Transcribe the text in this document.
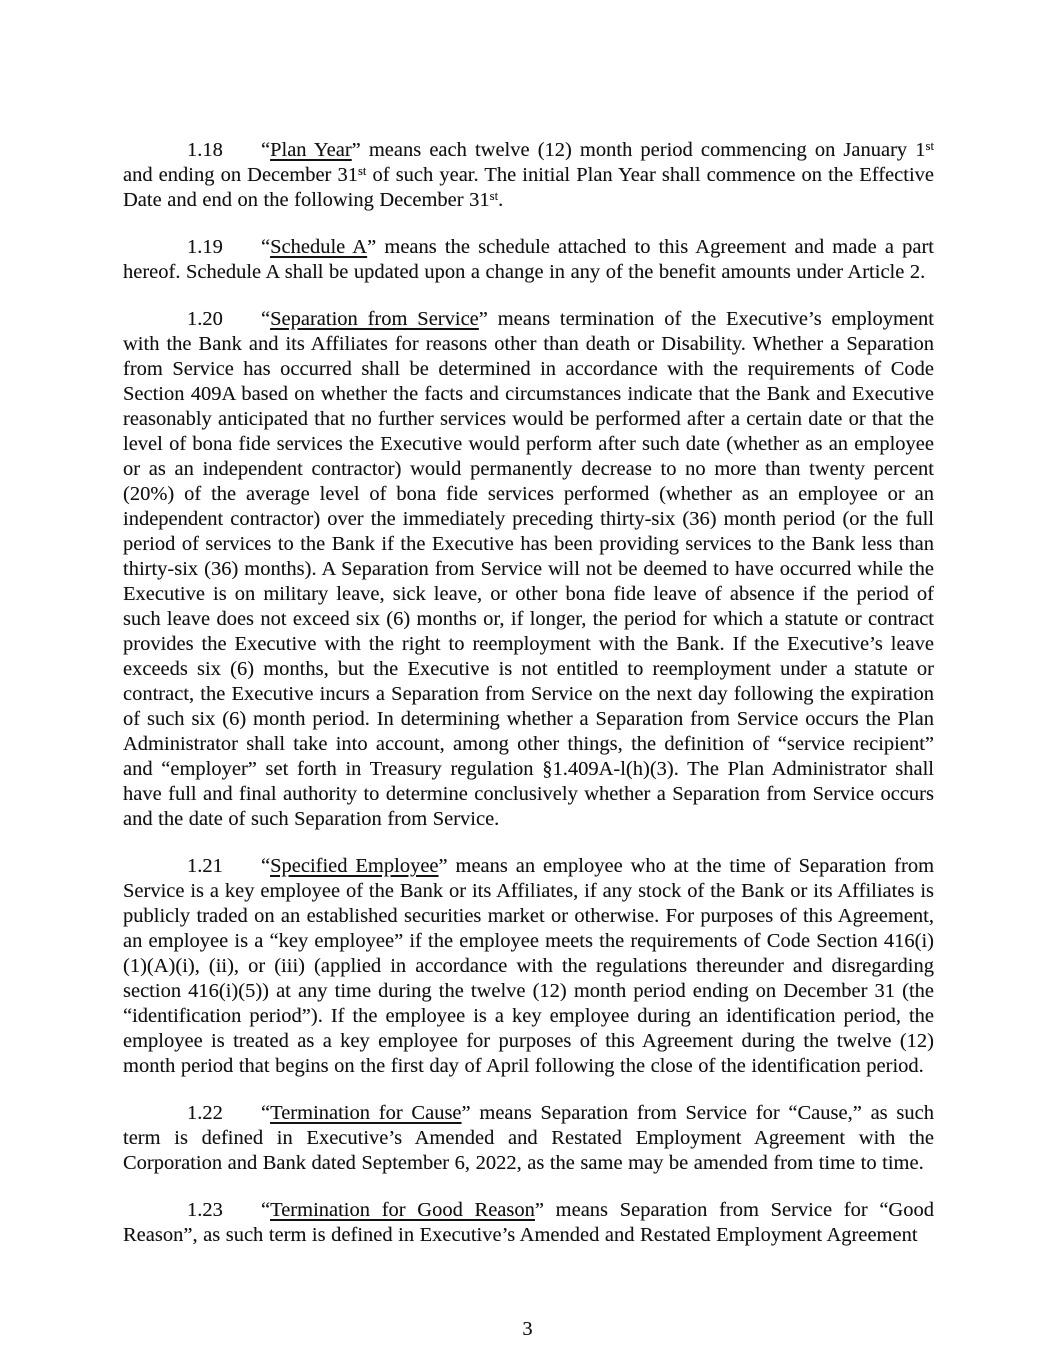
1.18 “Plan Year” means each twelve (12) month period commencing on January 1st and ending on December 31st of such year. The initial Plan Year shall commence on the Effective Date and end on the following December 31st.

1.19 “Schedule A” means the schedule attached to this Agreement and made a part hereof. Schedule A shall be updated upon a change in any of the benefit amounts under Article 2.

1.20 “Separation from Service” means termination of the Executive’s employment with the Bank and its Affiliates for reasons other than death or Disability. Whether a Separation from Service has occurred shall be determined in accordance with the requirements of Code Section 409A based on whether the facts and circumstances indicate that the Bank and Executive reasonably anticipated that no further services would be performed after a certain date or that the level of bona fide services the Executive would perform after such date (whether as an employee or as an independent contractor) would permanently decrease to no more than twenty percent (20%) of the average level of bona fide services performed (whether as an employee or an independent contractor) over the immediately preceding thirty-six (36) month period (or the full period of services to the Bank if the Executive has been providing services to the Bank less than thirty-six (36) months). A Separation from Service will not be deemed to have occurred while the Executive is on military leave, sick leave, or other bona fide leave of absence if the period of such leave does not exceed six (6) months or, if longer, the period for which a statute or contract provides the Executive with the right to reemployment with the Bank. If the Executive’s leave exceeds six (6) months, but the Executive is not entitled to reemployment under a statute or contract, the Executive incurs a Separation from Service on the next day following the expiration of such six (6) month period. In determining whether a Separation from Service occurs the Plan Administrator shall take into account, among other things, the definition of “service recipient” and “employer” set forth in Treasury regulation §1.409A-l(h)(3). The Plan Administrator shall have full and final authority to determine conclusively whether a Separation from Service occurs and the date of such Separation from Service.

1.21 “Specified Employee” means an employee who at the time of Separation from Service is a key employee of the Bank or its Affiliates, if any stock of the Bank or its Affiliates is publicly traded on an established securities market or otherwise. For purposes of this Agreement, an employee is a “key employee” if the employee meets the requirements of Code Section 416(i)(1)(A)(i), (ii), or (iii) (applied in accordance with the regulations thereunder and disregarding section 416(i)(5)) at any time during the twelve (12) month period ending on December 31 (the “identification period”). If the employee is a key employee during an identification period, the employee is treated as a key employee for purposes of this Agreement during the twelve (12) month period that begins on the first day of April following the close of the identification period.

1.22 “Termination for Cause” means Separation from Service for “Cause,” as such term is defined in Executive’s Amended and Restated Employment Agreement with the Corporation and Bank dated September 6, 2022, as the same may be amended from time to time.

1.23 “Termination for Good Reason” means Separation from Service for “Good Reason”, as such term is defined in Executive’s Amended and Restated Employment Agreement

3
